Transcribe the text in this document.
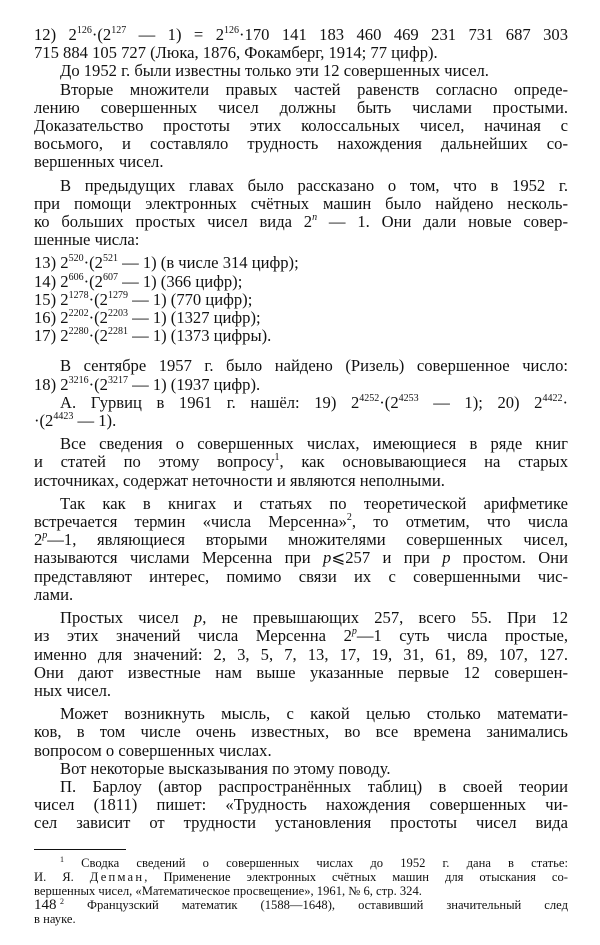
12) $2^{126}\cdot(2^{127}$ — $1) = 2^{126}\cdot 170$ 141 183 460 469 231 731 687 303
715 884 105 727 (Люка, 1876, Фокамберг, 1914; 77 цифр).
До 1952 г. были известны только эти 12 совершенных чисел.
Вторые множители правых частей равенств согласно опреде-
лению совершенных чисел должны быть числами простыми.
Доказательство простоты этих колоссальных чисел, начиная с
восьмого, и составляло трудность нахождения дальнейших со-
вершенных чисел.
В предыдущих главах было рассказано о том, что в 1952 г.
при помощи электронных счётных машин было найдено несколь-
ко больших простых чисел вида 2$^n$ — 1. Они дали новые совер-
шенные числа:
13) $2^{520}\cdot(2^{521}$ — 1) (в числе 314 цифр);
14) $2^{606}\cdot(2^{607}$ — 1) (366 цифр);
15) $2^{1278}\cdot(2^{1279}$ — 1) (770 цифр);
16) $2^{2202}\cdot(2^{2203}$ — 1) (1327 цифр);
17) $2^{2280}\cdot(2^{2281}$ — 1) (1373 цифры).
В сентябре 1957 г. было найдено (Ризель) совершенное число:
18) $2^{3216}\cdot(2^{3217}$ — 1) (1937 цифр).
А. Гурвиц в 1961 г. нашёл: 19) $2^{4252}\cdot(2^{4253}$ — 1); 20) $2^{4422}\cdot$
$\cdot(2^{4423}$ — 1).
Все сведения о совершенных числах, имеющиеся в ряде книг
и статей по этому вопросу$^1$, как основывающиеся на старых
источниках, содержат неточности и являются неполными.
Так как в книгах и статьях по теоретической арифметике
встречается термин «числа Мерсенна»$^2$, то отметим, что числа
2$^p$—1, являющиеся вторыми множителями совершенных чисел,
называются числами Мерсенна при p⩽257 и при p простом. Они
представляют интерес, помимо связи их с совершенными чис-
лами.
Простых чисел p, не превышающих 257, всего 55. При 12
из этих значений числа Мерсенна 2$^p$—1 суть числа простые,
именно для значений: 2, 3, 5, 7, 13, 17, 19, 31, 61, 89, 107, 127.
Они дают известные нам выше указанные первые 12 совершен-
ных чисел.
Может возникнуть мысль, с какой целью столько математи-
ков, в том числе очень известных, во все времена занимались
вопросом о совершенных числах.
Вот некоторые высказывания по этому поводу.
П. Барлоу (автор распространённых таблиц) в своей теории
чисел (1811) пишет: «Трудность нахождения совершенных чи-
сел зависит от трудности установления простоты чисел вида
$^1$ Сводка сведений о совершенных числах до 1952 г. дана в статье:
И. Я. Депман, Применение электронных счётных машин для отыскания со-
вершенных чисел, «Математическое просвещение», 1961, № 6, стр. 324.
$^2$ Французский математик (1588—1648), оставивший значительный след
в науке.
148
